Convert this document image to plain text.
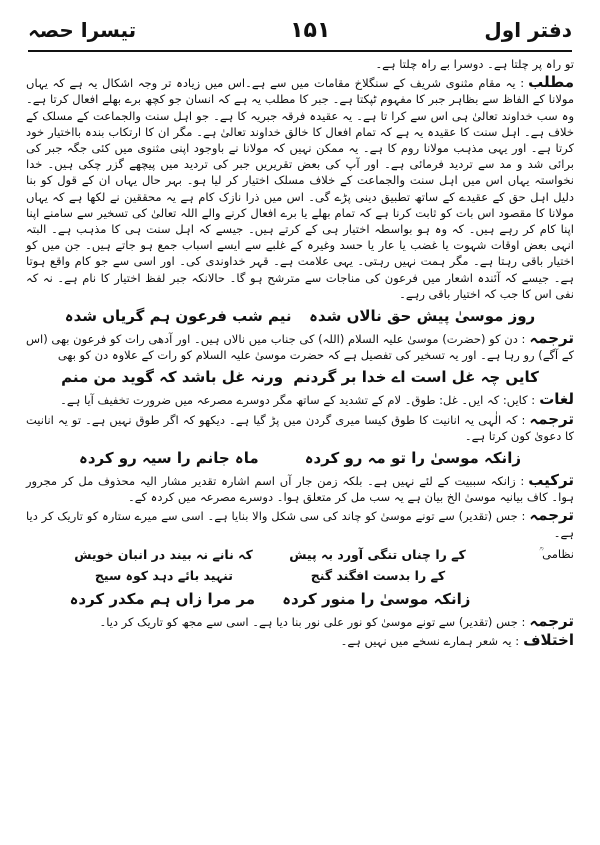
دفتر اول
۱۵۱
تیسرا حصہ

تو راہ پر چلتا ہے۔ دوسرا بے راہ چلتا ہے۔

مطلب: یہ مقام مثنوی شریف کے سنگلاخ مقامات میں سے ہے۔اس میں زیادہ تر وجہ اشکال یہ ہے کہ یہاں مولانا کے الفاظ سے بظاہر جبر کا مفہوم ٹپکتا ہے۔ جبر کا مطلب یہ ہے کہ انسان جو کچھ برے بھلے افعال کرتا ہے۔ وہ سب خداوند تعالیٰ ہی اس سے کرا تا ہے۔ یہ عقیدہ فرقہ جبریہ کا ہے۔ جو اہل سنت والجماعت کے مسلک کے خلاف ہے۔ اہل سنت کا عقیدہ یہ ہے کہ تمام افعال کا خالق خداوند تعالیٰ ہے۔ مگر ان کا ارتکاب بندہ بااختیار خود کرتا ہے۔ اور یہی مذہب مولانا روم کا ہے۔ یہ ممکن نہیں کہ مولانا نے باوجود اپنی مثنوی میں کئی جگہ جبر کی برائی شد و مد سے تردید فرمائی ہے۔ اور آپ کی بعض تقریریں جبر کی تردید میں پیچھے گزر چکی ہیں۔ خدا نخواستہ یہاں اس میں اہل سنت والجماعت کے خلاف مسلک اختیار کر لیا ہو۔ بہر حال یہاں ان کے قول کو بنا دلیل اہل حق کے عقیدے کے ساتھ تطبیق دینی پڑے گی۔ اس میں ذرا نازک کام ہے یہ محققین نے لکھا ہے کہ یہاں مولانا کا مقصود اس بات کو ثابت کرنا ہے کہ تمام بھلے یا برے افعال کرنے والے اللہ تعالیٰ کی تسخیر سے سامنے اپنا اپنا کام کر رہے ہیں۔ کہ وہ ہو بواسطہ اختیار ہی کے کرتے ہیں۔ جیسے کہ اہل سنت ہی کا مذہب ہے۔ البتہ انہی بعض اوقات شہوت یا غضب یا عار یا حسد وغیرہ کے غلبے سے ایسے اسباب جمع ہو جاتے ہیں۔ جن میں کو اختیار باقی رہتا ہے۔ مگر ہمت نہیں رہتی۔ یہی علامت ہے۔ قہر خداوندی کی۔ اور اسی سے جو کام واقع ہوتا ہے۔ جیسے کہ آئندہ اشعار میں فرعون کی مناجات سے مترشح ہو گا۔ حالانکہ جبر لفظ اختیار کا نام ہے۔ نہ کہ نفی اس کا جب کہ اختیار باقی رہے۔

روز موسیٰ پیش حق نالاں شدہ
نیم شب فرعون ہم گریاں شدہ

ترجمہ: دن کو (حضرت) موسیٰ علیہ السلام (اللہ) کی جناب میں نالاں ہیں۔ اور آدھی رات کو فرعون بھی (اس کے آگے) رو رہا ہے۔ اور یہ تسخیر کی تفصیل ہے کہ حضرت موسیٰ علیہ السلام کو رات کے علاوہ دن کو بھی

کایں چہ غل است اے خدا بر گردنم
ورنہ غل باشد کہ گوید من منم

لغات: کایں: کہ ایں۔ غل: طوق۔ لام کے تشدید کے ساتھ مگر دوسرے مصرعہ میں ضرورت تخفیف آیا ہے۔

ترجمہ: کہ الٰہی یہ انانیت کا طوق کیسا میری گردن میں پڑ گیا ہے۔ دیکھو کہ اگر طوق نہیں ہے۔ تو یہ انانیت کا دعویٰ کون کرتا ہے۔

زانکہ موسیٰ را تو مہ رو کردہ
ماہ جانم را سیہ رو کردہ

ترکیب: زانکہ سببیت کے لئے نہیں ہے۔ بلکہ زمن جار آں اسم اشارہ تقدیر مشار الیہ محذوف مل کر مجرور ہوا۔ کاف بیانیہ موسیٰ الخ بیان ہے یہ سب مل کر متعلق ہوا۔ دوسرے مصرعہ میں کردہ کے۔

ترجمہ: جس (تقدیر) سے تونے موسیٰ کو چاند کی سی شکل والا بنایا ہے۔ اسی سے میرے ستارہ کو تاریک کر دیا ہے۔

نظامی ؒ
کے را چناں تنگی آورد بہ پیش
کہ نانے نہ بیند در انبان خویش
کے را بدست افگند گنج
تنہید بائے دہد کوہ سیج
زانکہ موسیٰ را منور کردہ
مر مرا زاں ہم مکدر کردہ

ترجمہ: جس (تقدیر) سے تونے موسیٰ کو نور علی نور بنا دیا ہے۔ اسی سے مجھ کو تاریک کر دیا۔

اختلاف: یہ شعر ہمارے نسخے میں نہیں ہے۔
